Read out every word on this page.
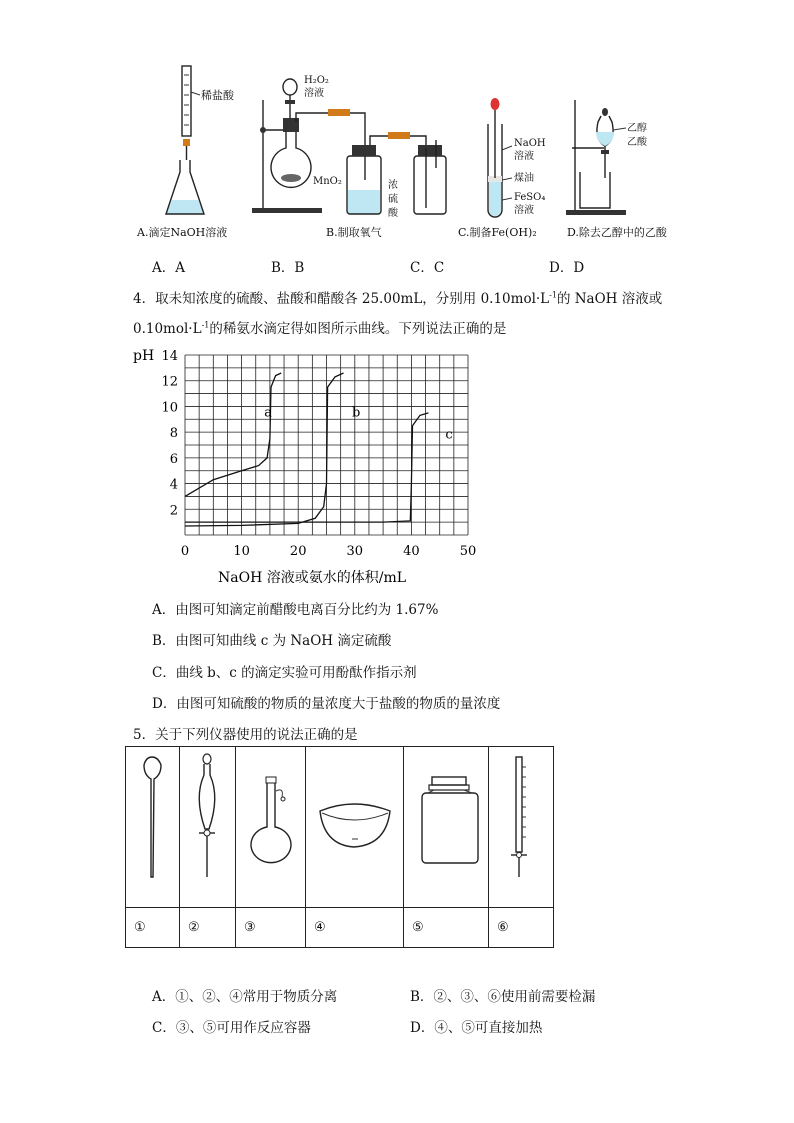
稀盐酸
A.滴定NaOH溶液
H₂O₂
溶液
MnO₂	浓
硫
酸
B.制取氧气
NaOH
溶液
煤油
FeSO₄
溶液
C.制备Fe(OH)₂
乙醇
乙酸
D.除去乙醇中的乙酸
A．A	B．B	C．C	D．D
4．取未知浓度的硫酸、盐酸和醋酸各 25.00mL，分别用 $0.10mol\cdot L^{-1}$的 NaOH 溶液或
$0.10mol\cdot L^{-1}$的稀氨水滴定得如图所示曲线。下列说法正确的是
0	10	20	30	40	50
2
4
6
8
10
12
14
a	b
c
pH
NaOH 溶液或氨水的体积/mL
A．由图可知滴定前醋酸电离百分比约为 1.67%
B．由图可知曲线 c 为 NaOH 滴定硫酸
C．曲线 b、c 的滴定实验可用酚酞作指示剂
D．由图可知硫酸的物质的量浓度大于盐酸的物质的量浓度
5．关于下列仪器使用的说法正确的是

①	②	③	④	⑤	⑥
A．①、②、④常用于物质分离	B．②、③、⑥使用前需要检漏
C．③、⑤可用作反应容器	D．④、⑤可直接加热
